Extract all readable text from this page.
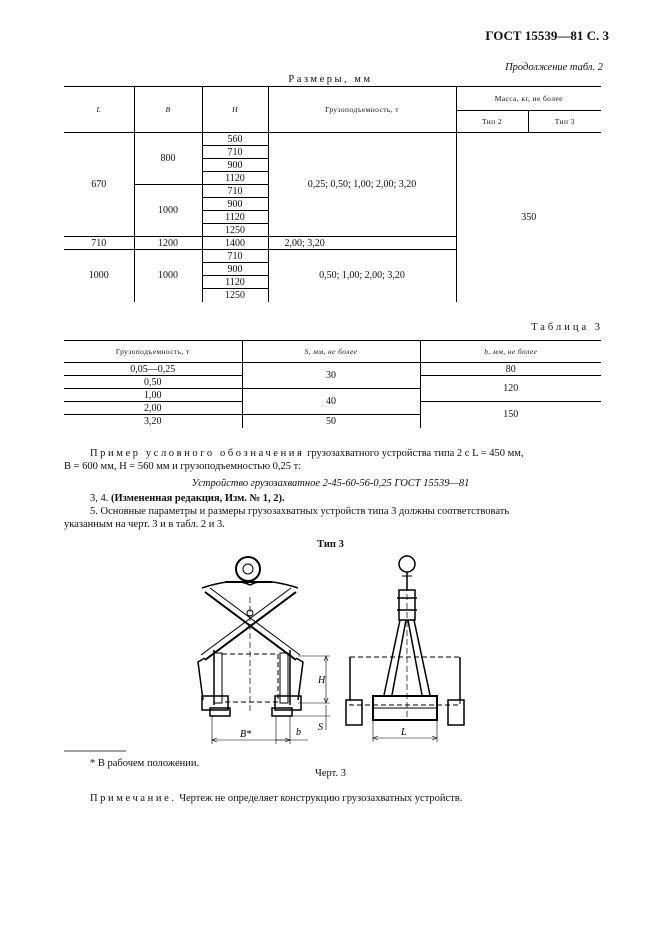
ГОСТ 15539—81 С. 3
Продолжение табл. 2
Размеры, мм
L	B	H	Грузоподъемность, т	Масса, кг, не более	
				Тип 2	Тип 3
670	800	560	0,25; 0,50; 1,00; 2,00; 3,20	350	
		710			
		900			
		1120			
	1000	710			
		900			
		1120			
		1250			
710	1200	1400	2,00; 3,20		
1000	1000	710	0,50; 1,00; 2,00; 3,20		
		900			
		1120			
		1250			
Таблица 3
Грузоподъемность, т	S, мм, не более	b, мм, не более
0,05—0,25	30	80
0,50		120
1,00	40	
2,00		150
3,20	50	
Пример условного обозначения грузозахватного устройства типа 2 с L = 450 мм,
B = 600 мм, H = 560 мм и грузоподъемностью 0,25 т:
Устройство грузозахватное 2-45-60-56-0,25 ГОСТ 15539—81
3, 4. (Измененная редакция, Изм. № 1, 2).
5. Основные параметры и размеры грузозахватных устройств типа 3 должны соответствовать
указанным на черт. 3 и в табл. 2 и 3.
Тип 3
H
B*	b S	L
* В рабочем положении.
Черт. 3
Примечание. Чертеж не определяет конструкцию грузозахватных устройств.
